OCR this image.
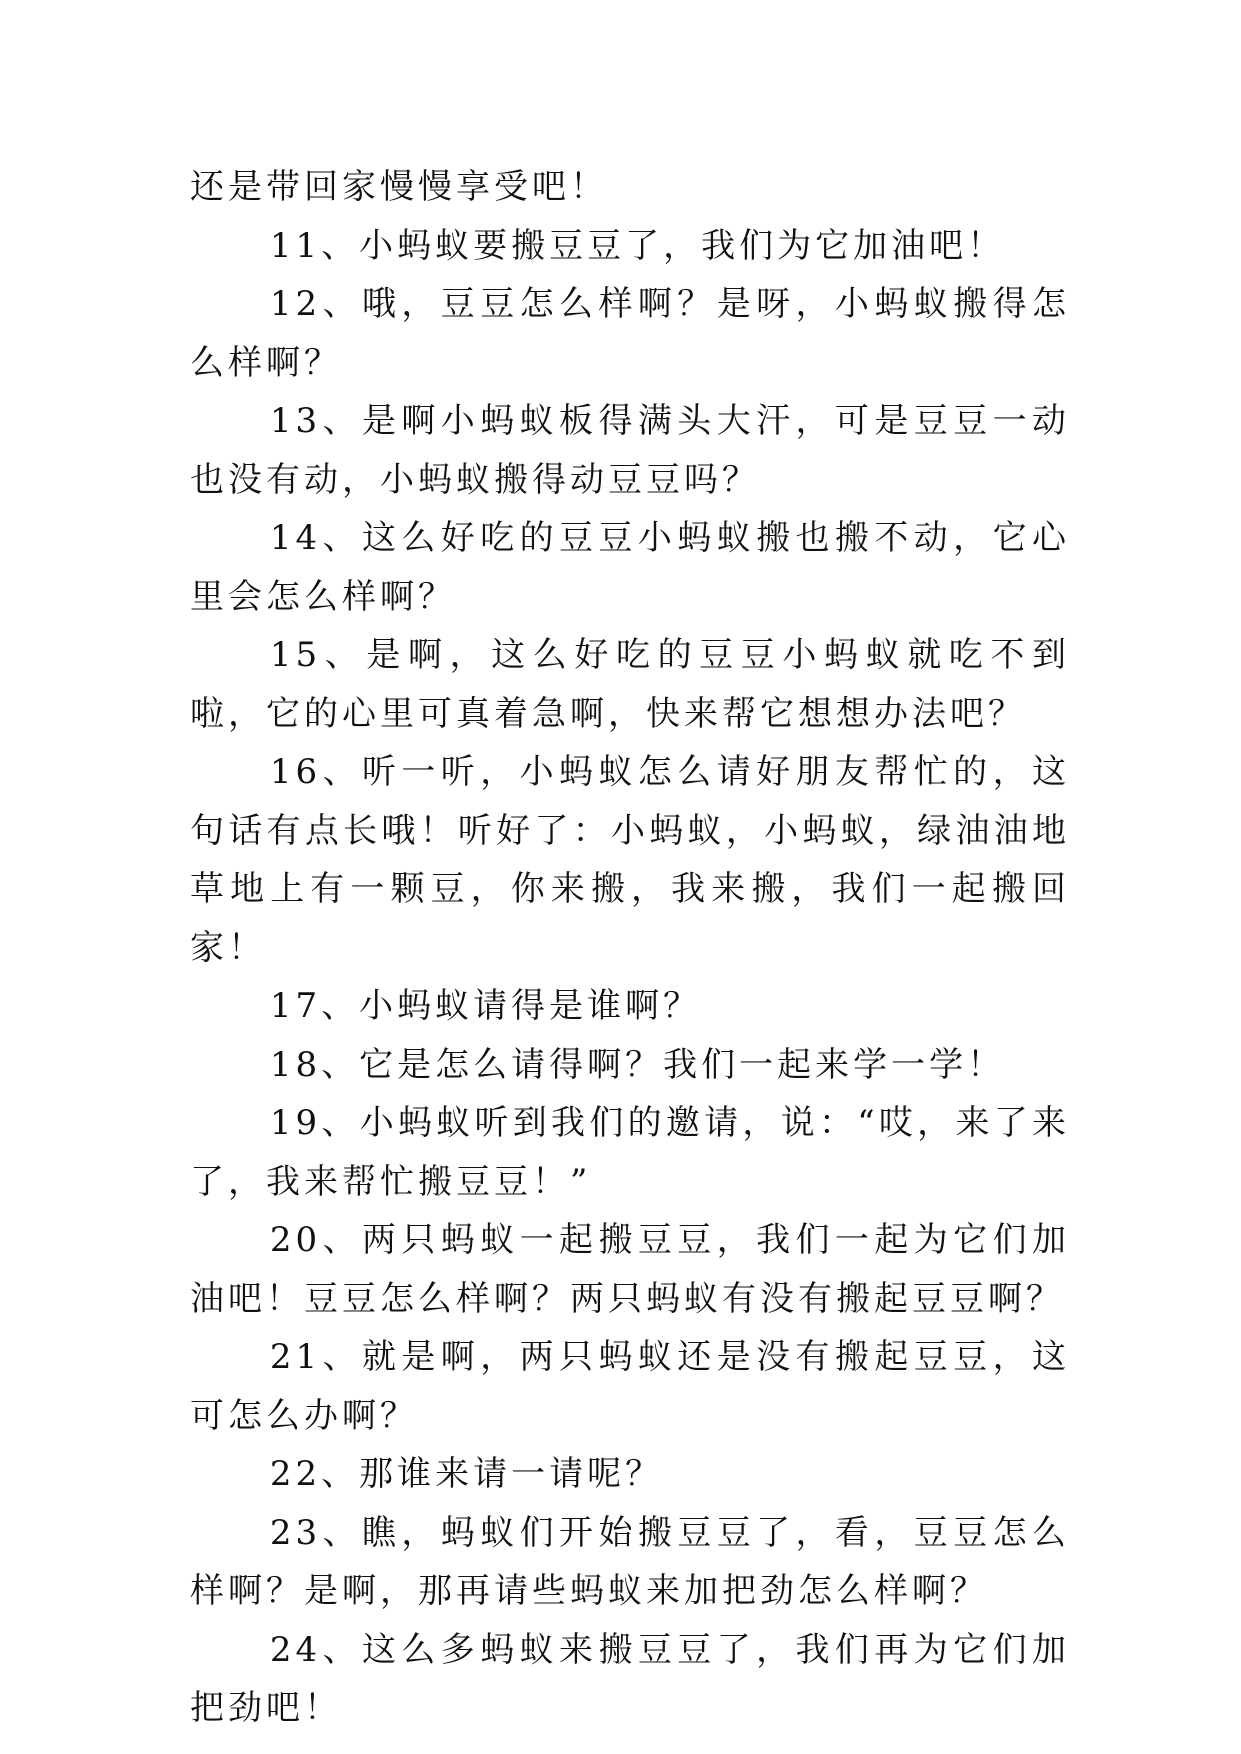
还是带回家慢慢享受吧！

11、小蚂蚁要搬豆豆了，我们为它加油吧！

12、哦，豆豆怎么样啊？是呀，小蚂蚁搬得怎么样啊？

13、是啊小蚂蚁板得满头大汗，可是豆豆一动也没有动，小蚂蚁搬得动豆豆吗？

14、这么好吃的豆豆小蚂蚁搬也搬不动，它心里会怎么样啊？

15、是啊，这么好吃的豆豆小蚂蚁就吃不到啦，它的心里可真着急啊，快来帮它想想办法吧？

16、听一听，小蚂蚁怎么请好朋友帮忙的，这句话有点长哦！听好了：小蚂蚁，小蚂蚁，绿油油地草地上有一颗豆，你来搬，我来搬，我们一起搬回家！

17、小蚂蚁请得是谁啊？

18、它是怎么请得啊？我们一起来学一学！

19、小蚂蚁听到我们的邀请，说：“哎，来了来了，我来帮忙搬豆豆！”

20、两只蚂蚁一起搬豆豆，我们一起为它们加油吧！豆豆怎么样啊？两只蚂蚁有没有搬起豆豆啊？

21、就是啊，两只蚂蚁还是没有搬起豆豆，这可怎么办啊？

22、那谁来请一请呢？

23、瞧，蚂蚁们开始搬豆豆了，看，豆豆怎么样啊？是啊，那再请些蚂蚁来加把劲怎么样啊？

24、这么多蚂蚁来搬豆豆了，我们再为它们加把劲吧！
